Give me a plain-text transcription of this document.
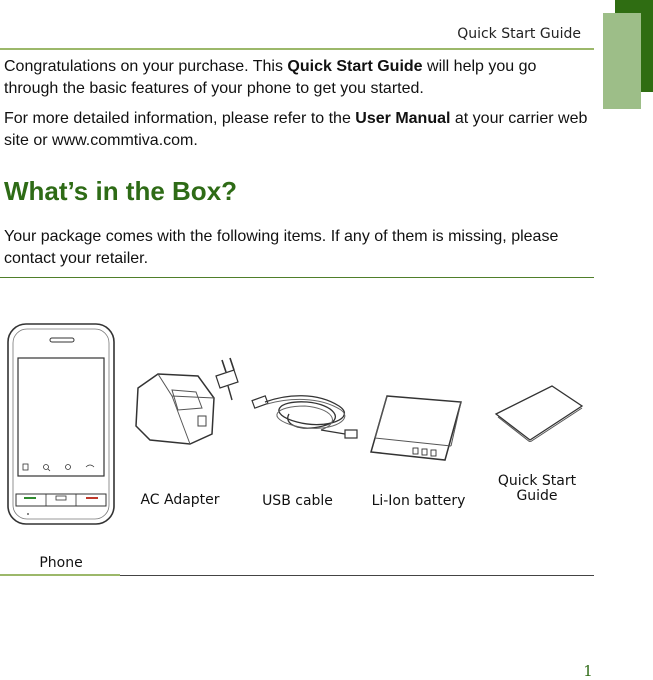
Quick Start Guide

Congratulations on your purchase. This Quick Start Guide will help you go through the basic features of your phone to get you started.

For more detailed information, please refer to the User Manual at your carrier web site or www.commtiva.com.

What’s in the Box?

Your package comes with the following items. If any of them is missing, please contact your retailer.

Phone
AC Adapter	USB cable	Li-Ion battery
Quick Start Guide
1
